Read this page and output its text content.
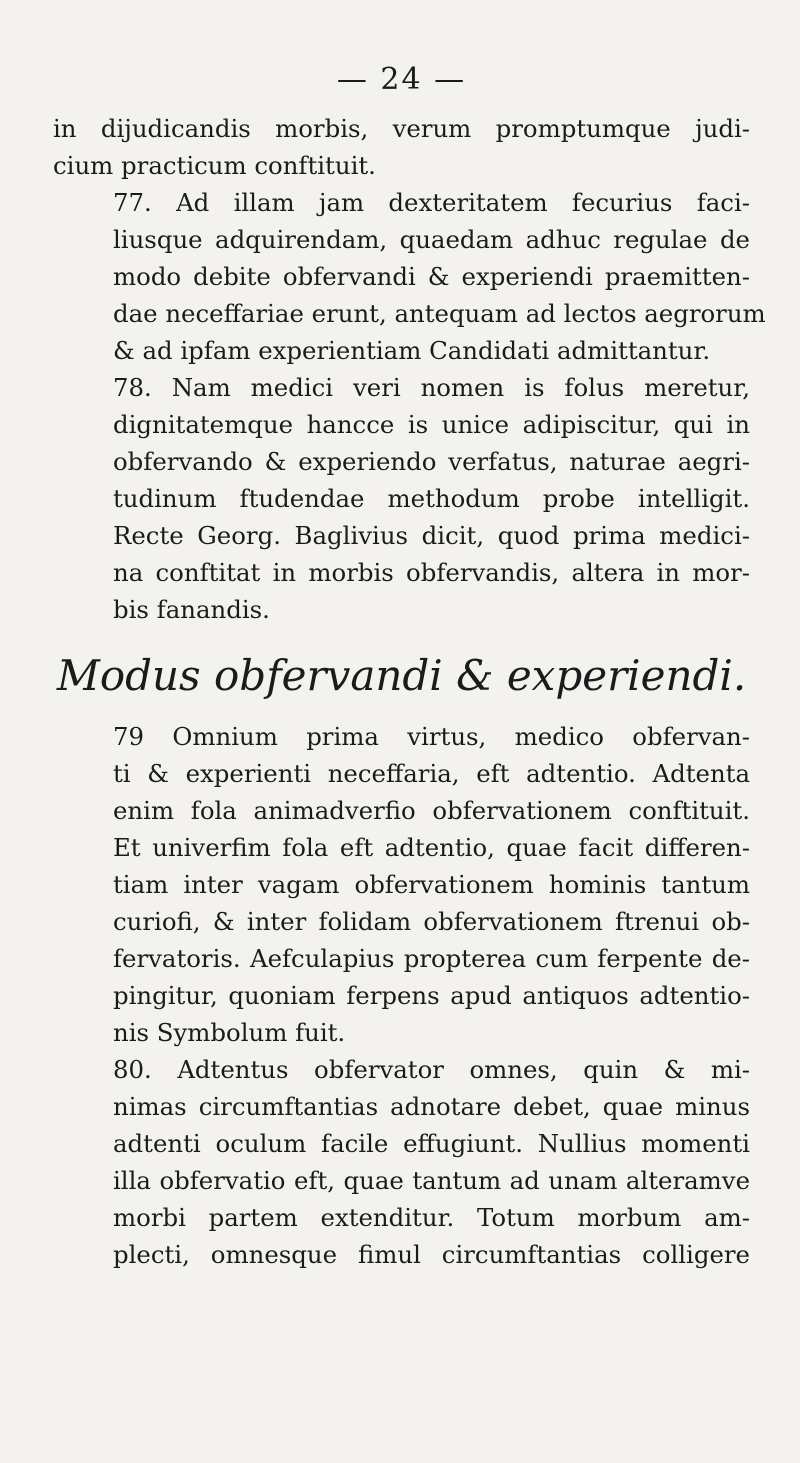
— 24 —

in dijudicandis morbis, verum promptumque judi-
cium practicum conftituit.

77. Ad illam jam dexteritatem fecurius faci-
liusque adquirendam, quaedam adhuc regulae de
modo debite obfervandi & experiendi praemitten-
dae neceffariae erunt, antequam ad lectos aegrorum
& ad ipfam experientiam Candidati admittantur.

78. Nam medici veri nomen is folus meretur,
dignitatemque hancce is unice adipiscitur, qui in
obfervando & experiendo verfatus, naturae aegri-
tudinum ftudendae methodum probe intelligit.
Recte Georg. Baglivius dicit, quod prima medici-
na conftitat in morbis obfervandis, altera in mor-
bis fanandis.

Modus obfervandi & experiendi.

79 Omnium prima virtus, medico obfervan-
ti & experienti neceffaria, eft adtentio. Adtenta
enim fola animadverfio obfervationem conftituit.
Et univerfim fola eft adtentio, quae facit differen-
tiam inter vagam obfervationem hominis tantum
curiofi, & inter folidam obfervationem ftrenui ob-
fervatoris. Aefculapius propterea cum ferpente de-
pingitur, quoniam ferpens apud antiquos adtentio-
nis Symbolum fuit.

80. Adtentus obfervator omnes, quin & mi-
nimas circumftantias adnotare debet, quae minus
adtenti oculum facile effugiunt. Nullius momenti
illa obfervatio eft, quae tantum ad unam alteramve
morbi partem extenditur. Totum morbum am-
plecti, omnesque fimul circumftantias colligere
